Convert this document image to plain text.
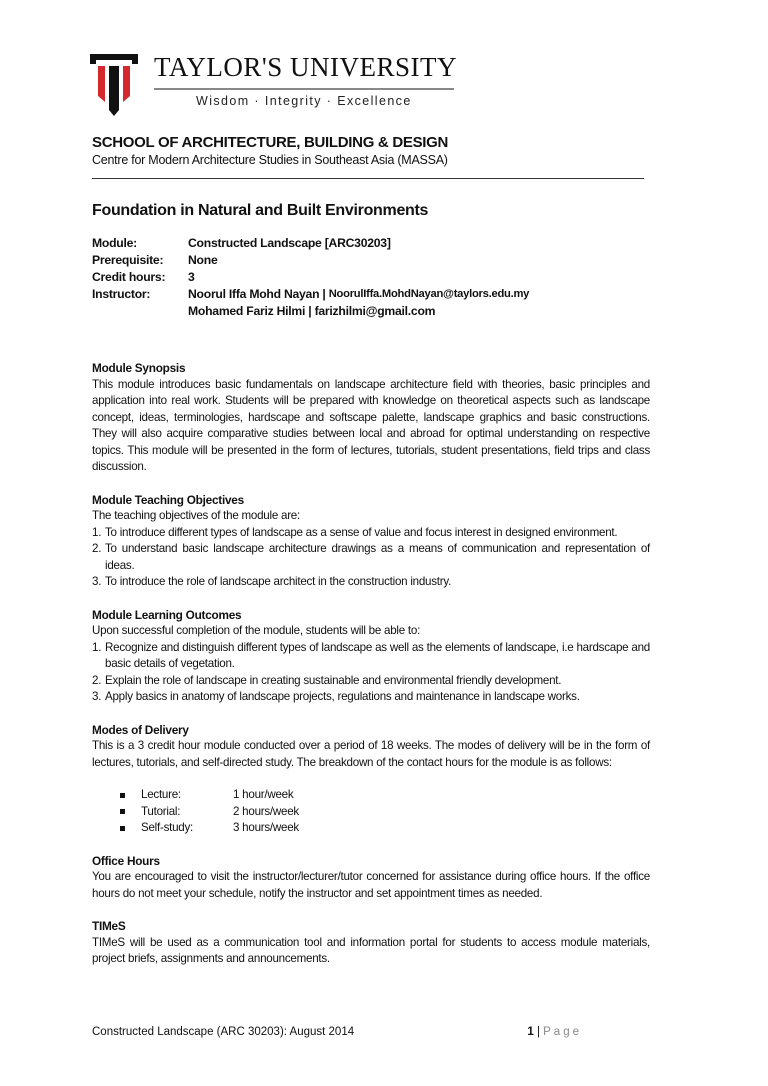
TAYLOR'S UNIVERSITY
Wisdom · Integrity · Excellence
SCHOOL OF ARCHITECTURE, BUILDING & DESIGN
Centre for Modern Architecture Studies in Southeast Asia (MASSA)
Foundation in Natural and Built Environments
Module:	Constructed Landscape [ARC30203]
Prerequisite:	None
Credit hours:	3
Instructor:	Noorul Iffa Mohd Nayan | NoorulIffa.MohdNayan@taylors.edu.my
Mohamed Fariz Hilmi | farizhilmi@gmail.com
Module Synopsis

This module introduces basic fundamentals on landscape architecture field with theories, basic principles and application into real work. Students will be prepared with knowledge on theoretical aspects such as landscape concept, ideas, terminologies, hardscape and softscape palette, landscape graphics and basic constructions. They will also acquire comparative studies between local and abroad for optimal understanding on respective topics. This module will be presented in the form of lectures, tutorials, student presentations, field trips and class discussion.

Module Teaching Objectives

The teaching objectives of the module are:

1. To introduce different types of landscape as a sense of value and focus interest in designed environment.
2. To understand basic landscape architecture drawings as a means of communication and representation of ideas.
3. To introduce the role of landscape architect in the construction industry.
Module Learning Outcomes

Upon successful completion of the module, students will be able to:

1. Recognize and distinguish different types of landscape as well as the elements of landscape, i.e hardscape and basic details of vegetation.
2. Explain the role of landscape in creating sustainable and environmental friendly development.
3. Apply basics in anatomy of landscape projects, regulations and maintenance in landscape works.
Modes of Delivery

This is a 3 credit hour module conducted over a period of 18 weeks. The modes of delivery will be in the form of lectures, tutorials, and self-directed study. The breakdown of the contact hours for the module is as follows:

Lecture:	1 hour/week
Tutorial:	2 hours/week
Self-study:	3 hours/week
Office Hours

You are encouraged to visit the instructor/lecturer/tutor concerned for assistance during office hours. If the office hours do not meet your schedule, notify the instructor and set appointment times as needed.

TIMeS

TIMeS will be used as a communication tool and information portal for students to access module materials, project briefs, assignments and announcements.

Constructed Landscape (ARC 30203): August 2014	1 | Page
